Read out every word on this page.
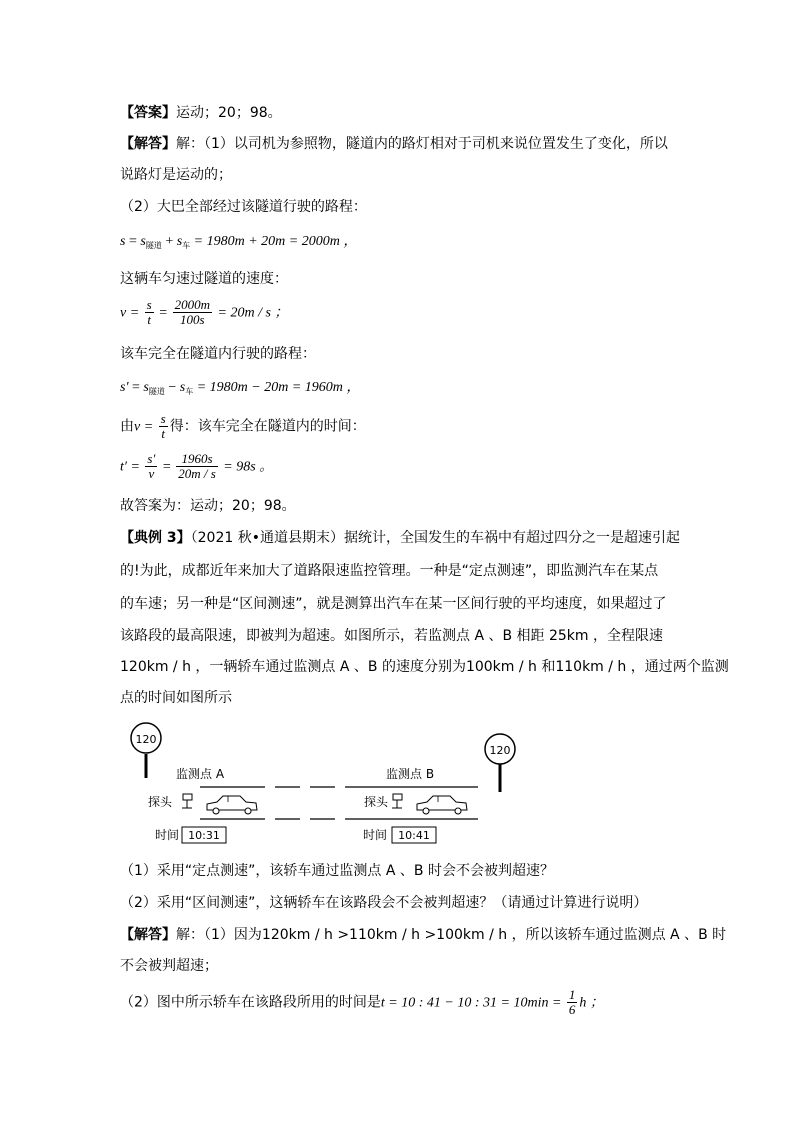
【答案】运动；20；98。
【解答】解：（1）以司机为参照物，隧道内的路灯相对于司机来说位置发生了变化，所以
说路灯是运动的；
（2）大巴全部经过该隧道行驶的路程：
$s = s_{隧道} + s_车 = 1980m + 20m = 2000m$ ，
这辆车匀速过隧道的速度：
$v = \frac{s}{t} = \frac{2000m}{100s} = 20m / s$ ；
该车完全在隧道内行驶的路程：
$s' = s_{隧道} - s_车 = 1980m - 20m = 1960m$ ，
由$v = \frac{s}{t}$ 得：该车完全在隧道内的时间：
$t' = \frac{s'}{v} = \frac{1960s}{20m / s} = 98s$ 。
故答案为：运动；20；98。
【典例 3】（2021 秋•通道县期末）据统计，全国发生的车祸中有超过四分之一是超速引起
的!为此，成都近年来加大了道路限速监控管理。一种是“定点测速”，即监测汽车在某点
的车速；另一种是“区间测速”，就是测算出汽车在某一区间行驶的平均速度，如果超过了
该路段的最高限速，即被判为超速。如图所示，若监测点 A 、B 相距 25km ，全程限速
120km / h ，一辆轿车通过监测点 A 、B 的速度分别为100km / h 和110km / h ，通过两个监测
点的时间如图所示
120
120
监测点 A	监测点 B
探头	探头
时间 10:31	时间 10:41
（1）采用“定点测速”，该轿车通过监测点 A 、B 时会不会被判超速？
（2）采用“区间测速”，这辆轿车在该路段会不会被判超速？（请通过计算进行说明）
【解答】解：（1）因为120km / h >110km / h >100km / h ，所以该轿车通过监测点 A 、B 时
不会被判超速；
（2）图中所示轿车在该路段所用的时间是t = 10 : 41 − 10 : $31 = 10\min = \frac{1}{6}$ h ；
